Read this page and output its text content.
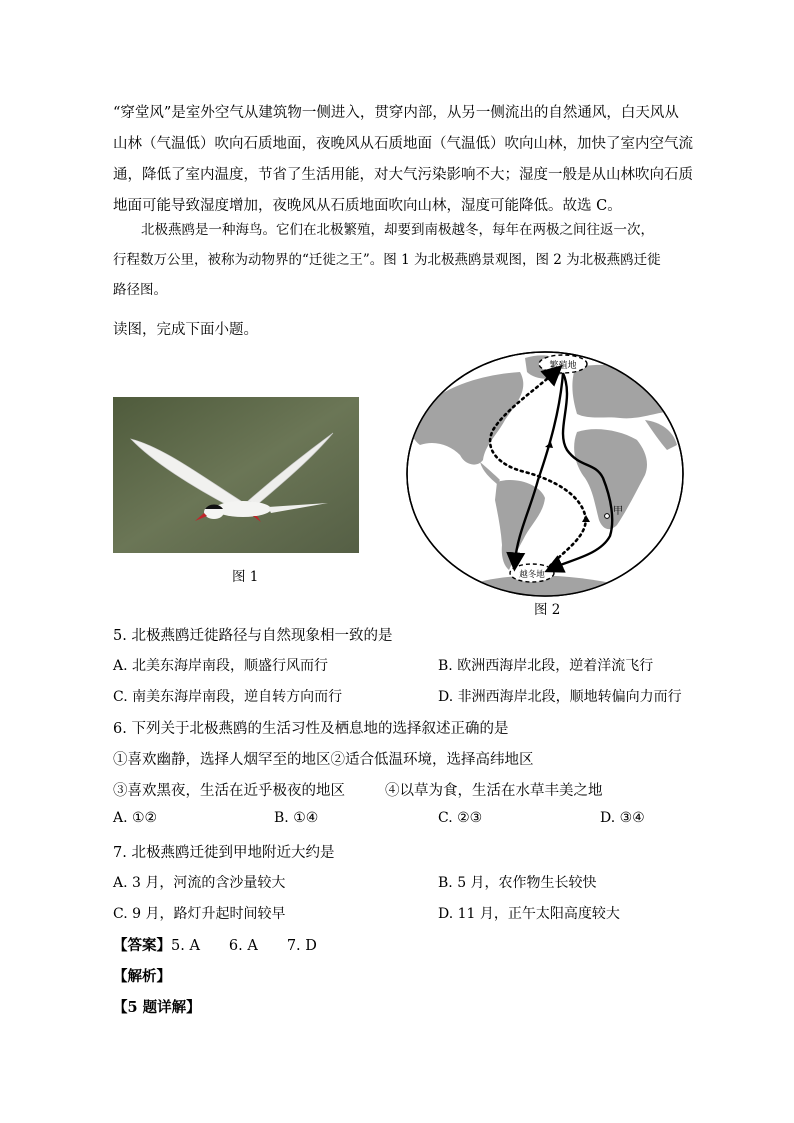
“穿堂风”是室外空气从建筑物一侧进入，贯穿内部，从另一侧流出的自然通风，白天风从
山林（气温低）吹向石质地面，夜晚风从石质地面（气温低）吹向山林，加快了室内空气流
通，降低了室内温度，节省了生活用能，对大气污染影响不大；湿度一般是从山林吹向石质
地面可能导致湿度增加，夜晚风从石质地面吹向山林，湿度可能降低。故选 C。
北极燕鸥是一种海鸟。它们在北极繁殖，却要到南极越冬，每年在两极之间往返一次，
行程数万公里，被称为动物界的“迁徙之王”。图 1 为北极燕鸥景观图，图 2 为北极燕鸥迁徙
路径图。
读图，完成下面小题。
图 1
繁殖地
越冬地
甲
图 2
5. 北极燕鸥迁徙路径与自然现象相一致的是
A. 北美东海岸南段，顺盛行风而行	B. 欧洲西海岸北段，逆着洋流飞行
C. 南美东海岸南段，逆自转方向而行	D. 非洲西海岸北段，顺地转偏向力而行
6. 下列关于北极燕鸥的生活习性及栖息地的选择叙述正确的是
①喜欢幽静，选择人烟罕至的地区②适合低温环境，选择高纬地区
③喜欢黑夜，生活在近乎极夜的地区	④以草为食，生活在水草丰美之地
A. ①②	B. ①④	C. ②③	D. ③④
7. 北极燕鸥迁徙到甲地附近大约是
A. 3 月，河流的含沙量较大	B. 5 月，农作物生长较快
C. 9 月，路灯升起时间较早	D. 11 月，正午太阳高度较大
【答案】5. A　　6. A　　7. D
【解析】
【5 题详解】
